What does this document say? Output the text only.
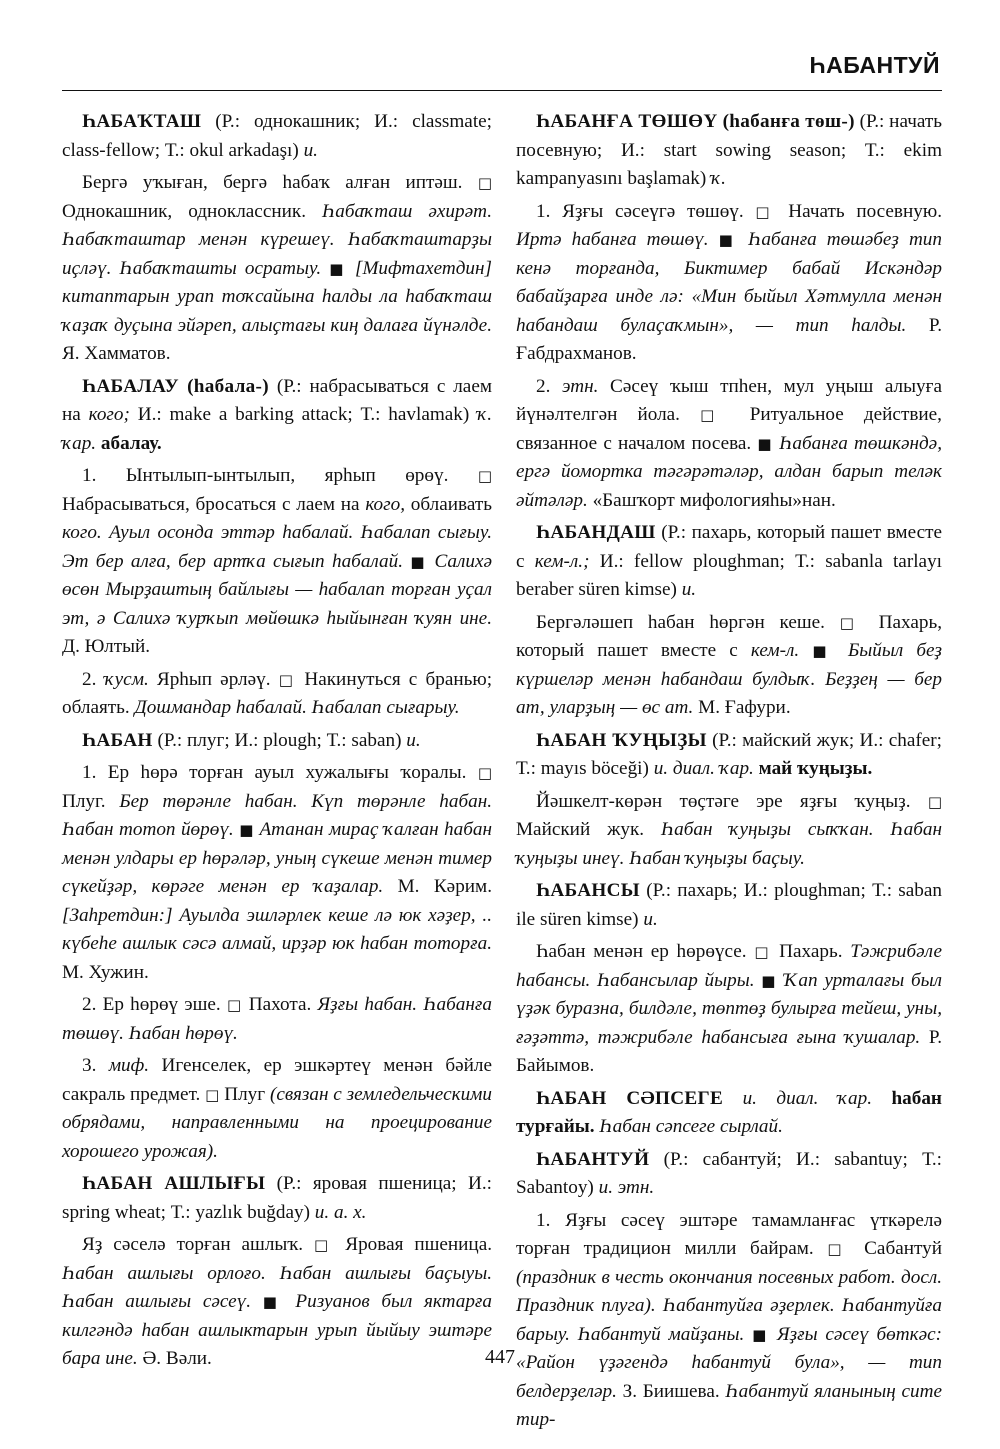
ҺАБАНТУЙ

ҺАБАҠТАШ (Р.: однокашник; И.: classmate; class-fellow; Т.: okul arkadaşı) и.

Бергә уҡыған, бергә һабаҡ алған иптәш. □ Однокашник, одноклассник. Һабаҡташ әхирәт. Һабаҡташтар менән күрешеү. Һабаҡташтарҙы иҫләү. Һабаҡташты осратыу. ■ [Мифтахетдин] китаптарын урап тоҡсайына һалды ла һабаҡташ ҡаҙаҡ дуҫына эйәреп, алыҫтағы киң далаға йүнәлде. Я. Хамматов.

ҺАБАЛАУ (һабала-) (Р.: набрасываться с лаем на кого; И.: make a barking attack; Т.: havlamak) ҡ. ҡар. абалау.

1. Ынтылып-ынтылып, ярһып өрөү. □ Набрасываться, бросаться с лаем на кого, облаивать кого. Ауыл осонда эттәр һабалай. Һабалап сығыу. Эт бер алға, бер артҡа сығып һабалай. ■ Салихә өсөн Мырҙаштың байлығы — һабалап торған уҫал эт, ә Салихә ҡурҡып мөйөшкә һыйынған ҡуян ине. Д. Юлтый.

2. ҡусм. Ярһып әрләү. □ Накинуться с бранью; облаять. Дошмандар һабалай. Һабалап сығарыу.

ҺАБАН (Р.: плуг; И.: plough; Т.: saban) и.

1. Ер һөрә торған ауыл хужалығы ҡоралы. □ Плуг. Бер төрәнле һабан. Күп төрәнле һабан. Һабан тотоп йөрөү. ■ Атанан мираҫ ҡалған һабан менән улдары ер һөрәләр, уның сүкеше менән тимер сүкейҙәр, көрәге менән ер ҡаҙалар. М. Кәрим. [Заһретдин:] Ауылда эшләрлек кеше лә юк хәҙер, .. күбеһе ашлык сәсә алмай, ирҙәр юк һабан тоторға. М. Хужин.

2. Ер һөрөү эше. □ Пахота. Яҙғы һабан. Һабанға төшөү. Һабан һөрөү.

3. миф. Игенселек, ер эшкәртеү менән бәйле сакраль предмет. □ Плуг (связан с земледельческими обрядами, направленными на проецирование хорошего урожая).

ҺАБАН АШЛЫҒЫ (Р.: яровая пшеница; И.: spring wheat; Т.: yazlık buğday) и. а. х.

Яҙ сәселә торған ашлыҡ. □ Яровая пшеница. Һабан ашлығы орлоғо. Һабан ашлығы баҫыуы. Һабан ашлығы сәсеү. ■ Ризуанов был яктарға килгәндә һабан ашлыктарын урып йыйыу эштәре бара ине. Ә. Вәли.

ҺАБАНҒА ТӨШӨҮ (һабанға төш-) (Р.: начать посевную; И.: start sowing season; Т.: ekim kampanyasını başlamak) ҡ.

1. Яҙғы сәсеүгә төшөү. □ Начать посевную. Иртә һабанға төшөү. ■ Һабанға төшәбеҙ тип кенә торғанда, Биктимер бабай Искәндәр бабайҙарға инде лә: «Мин быйыл Хәтмулла менән һабандаш булаҫаҡмын», — тип һалды. Р. Ғабдрахманов.

2. этн. Сәсеү ҡыш тпһен, мул уңыш алыуға йүнәлтелгән йола. □ Ритуальное действие, связанное с началом посева. ■ Һабанға төшкәндә, ергә йомортка тәгәрәтәләр, алдан барып теләк әйтәләр. «Башҡорт мифологияһы»нан.

ҺАБАНДАШ (Р.: пахарь, который пашет вместе с кем-л.; И.: fellow ploughman; Т.: sabanla tarlayı beraber süren kimse) и.

Бергәләшеп һабан һөргән кеше. □ Пахарь, который пашет вместе с кем-л. ■ Быйыл беҙ күршеләр менән һабандаш булдыҡ. Беҙҙең — бер ат, уларҙың — өс ат. М. Ғафури.

ҺАБАН ҠУҢЫҘЫ (Р.: майский жук; И.: chafer; Т.: mayıs böceği) и. диал. ҡар. май ҡуңыҙы.

Йәшкелт-көрән төҫтәге эре яҙғы ҡуңыҙ. □ Майский жук. Һабан ҡуңыҙы сыҡҡан. Һабан ҡуңыҙы инеү. Һабан ҡуңыҙы баҫыу.

ҺАБАНСЫ (Р.: пахарь; И.: ploughman; Т.: saban ile süren kimse) и.

Һабан менән ер һөрөүсе. □ Пахарь. Тәжрибәле һабансы. Һабансылар йыры. ■ Ҡап урталағы был үҙәк буразна, билдәле, төптөҙ булырға тейеш, уны, ғәҙәттә, тәжрибәле һабансыға ғына ҡушалар. Р. Байымов.

ҺАБАН СӘПСЕГЕ и. диал. ҡар. һабан турғайы. Һабан сәпсеге сырлай.

ҺАБАНТУЙ (Р.: сабантуй; И.: sabantuy; Т.: Sabantoy) и. этн.

1. Яҙғы сәсеү эштәре тамамланғас үткәрелә торған традицион милли байрам. □ Сабантуй (праздник в честь окончания посевных работ. досл. Праздник плуга). Һабантуйға әҙерлек. Һабантуйға барыу. Һабантуй майҙаны. ■ Яҙғы сәсеү бөткәс: «Район үҙәгендә һабантуй була», — тип белдерҙеләр. З. Биишева. Һабантуй яланының сите тир-

447
